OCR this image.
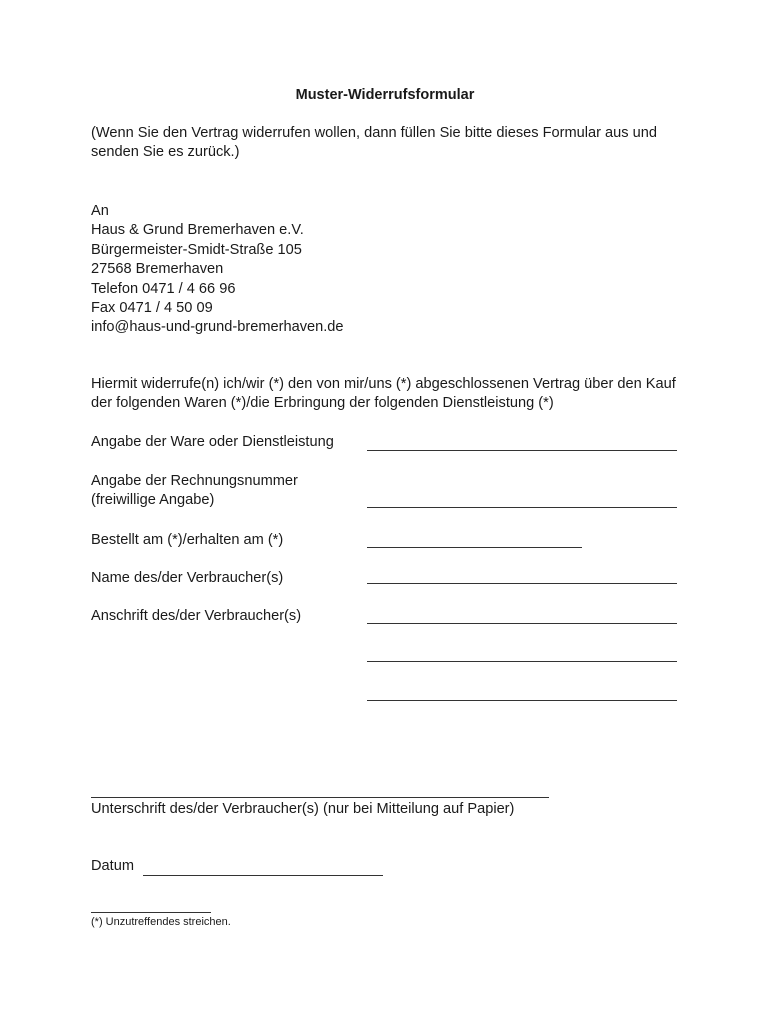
Muster-Widerrufsformular
(Wenn Sie den Vertrag widerrufen wollen, dann füllen Sie bitte dieses Formular aus und senden Sie es zurück.)
An
Haus & Grund Bremerhaven e.V.
Bürgermeister-Smidt-Straße 105
27568 Bremerhaven
Telefon 0471 / 4 66 96
Fax 0471 / 4 50 09
info@haus-und-grund-bremerhaven.de
Hiermit widerrufe(n) ich/wir (*) den von mir/uns (*) abgeschlossenen Vertrag über den Kauf der folgenden Waren (*)/die Erbringung der folgenden Dienstleistung (*)
Angabe der Ware oder Dienstleistung
Angabe der Rechnungsnummer
(freiwillige Angabe)
Bestellt am (*)/erhalten am (*)
Name des/der Verbraucher(s)
Anschrift des/der Verbraucher(s)
Unterschrift des/der Verbraucher(s) (nur bei Mitteilung auf Papier)
Datum
(*) Unzutreffendes streichen.
